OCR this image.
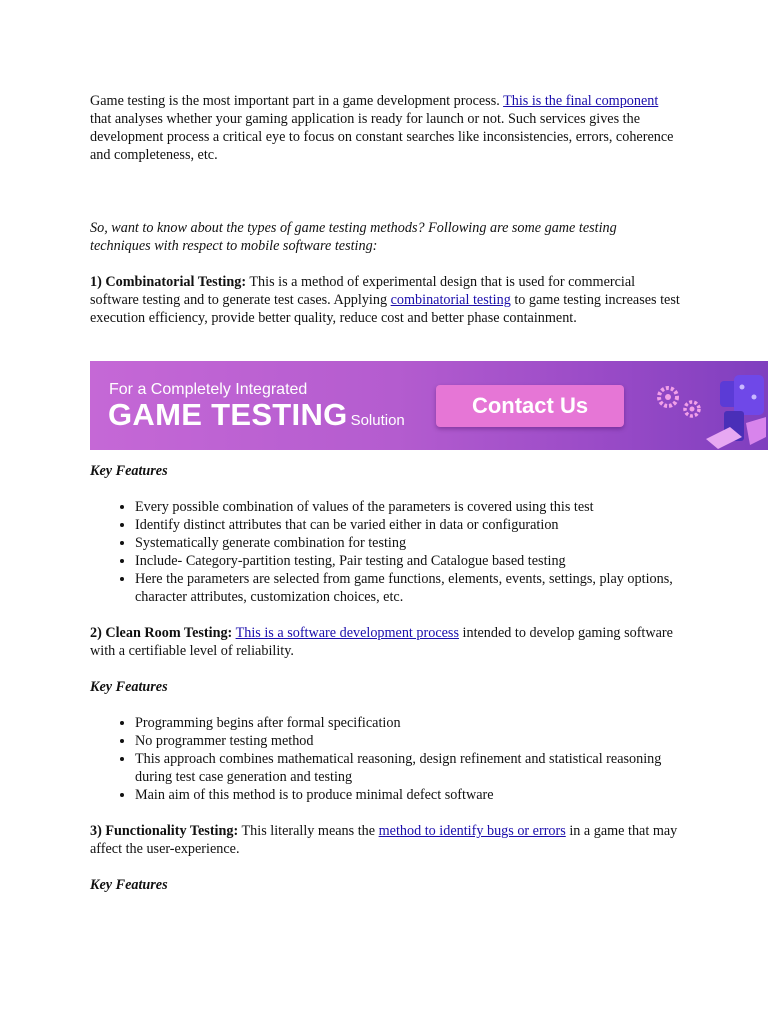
Game testing is the most important part in a game development process. This is the final component that analyses whether your gaming application is ready for launch or not. Such services gives the development process a critical eye to focus on constant searches like inconsistencies, errors, coherence and completeness, etc.

So, want to know about the types of game testing methods? Following are some game testing techniques with respect to mobile software testing:

1) Combinatorial Testing: This is a method of experimental design that is used for commercial software testing and to generate test cases. Applying combinatorial testing to game testing increases test execution efficiency, provide better quality, reduce cost and better phase containment.

Key Features

• Every possible combination of values of the parameters is covered using this test
• Identify distinct attributes that can be varied either in data or configuration
• Systematically generate combination for testing
• Include- Category-partition testing, Pair testing and Catalogue based testing
• Here the parameters are selected from game functions, elements, events, settings, play options, character attributes, customization choices, etc.

2) Clean Room Testing: This is a software development process intended to develop gaming software with a certifiable level of reliability.

Key Features

• Programming begins after formal specification
• No programmer testing method
• This approach combines mathematical reasoning, design refinement and statistical reasoning during test case generation and testing
• Main aim of this method is to produce minimal defect software

3) Functionality Testing: This literally means the method to identify bugs or errors in a game that may affect the user-experience.

Key Features

For a Completely Integrated
GAME TESTING Solution
Contact Us
